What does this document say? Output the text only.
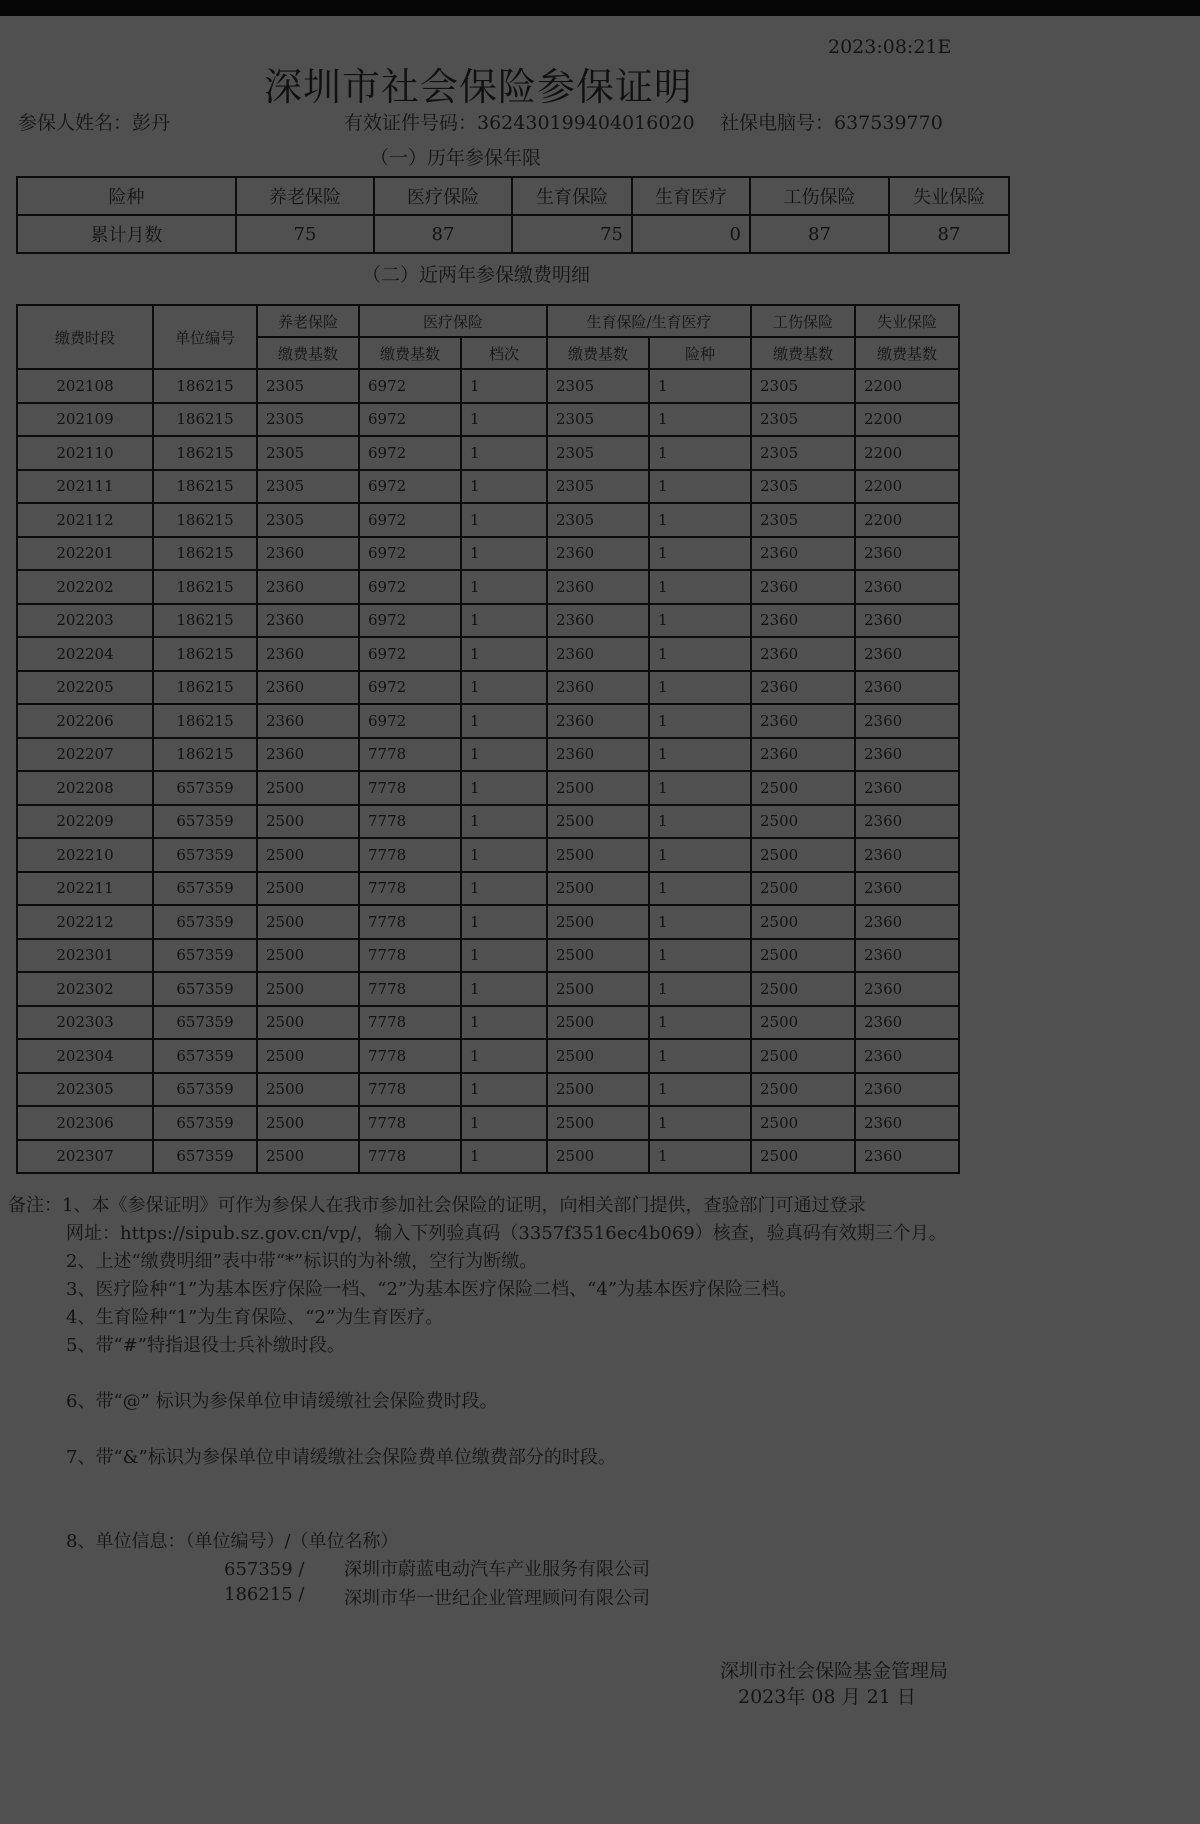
2023:08:21E
深圳市社会保险参保证明
参保人姓名：彭丹	有效证件号码：362430199404016020 社保电脑号：637539770
（一）历年参保年限
险种	养老保险	医疗保险	生育保险	生育医疗	工伤保险	失业保险
累计月数	75	87	75	0	87	87
（二）近两年参保缴费明细
缴费时段	单位编号	养老保险	医疗保险		生育保险/生育医疗		工伤保险	失业保险
		缴费基数	缴费基数	档次	缴费基数	险种	缴费基数	缴费基数
202108	186215	2305	6972	1	2305	1	2305	2200
202109	186215	2305	6972	1	2305	1	2305	2200
202110	186215	2305	6972	1	2305	1	2305	2200
202111	186215	2305	6972	1	2305	1	2305	2200
202112	186215	2305	6972	1	2305	1	2305	2200
202201	186215	2360	6972	1	2360	1	2360	2360
202202	186215	2360	6972	1	2360	1	2360	2360
202203	186215	2360	6972	1	2360	1	2360	2360
202204	186215	2360	6972	1	2360	1	2360	2360
202205	186215	2360	6972	1	2360	1	2360	2360
202206	186215	2360	6972	1	2360	1	2360	2360
202207	186215	2360	7778	1	2360	1	2360	2360
202208	657359	2500	7778	1	2500	1	2500	2360
202209	657359	2500	7778	1	2500	1	2500	2360
202210	657359	2500	7778	1	2500	1	2500	2360
202211	657359	2500	7778	1	2500	1	2500	2360
202212	657359	2500	7778	1	2500	1	2500	2360
202301	657359	2500	7778	1	2500	1	2500	2360
202302	657359	2500	7778	1	2500	1	2500	2360
202303	657359	2500	7778	1	2500	1	2500	2360
202304	657359	2500	7778	1	2500	1	2500	2360
202305	657359	2500	7778	1	2500	1	2500	2360
202306	657359	2500	7778	1	2500	1	2500	2360
202307	657359	2500	7778	1	2500	1	2500	2360
备注：1、本《参保证明》可作为参保人在我市参加社会保险的证明，向相关部门提供，查验部门可通过登录
网址：https://sipub.sz.gov.cn/vp/，输入下列验真码（3357f3516ec4b069）核查，验真码有效期三个月。
2、上述“缴费明细”表中带“*”标识的为补缴，空行为断缴。
3、医疗险种“1”为基本医疗保险一档、“2”为基本医疗保险二档、“4”为基本医疗保险三档。
4、生育险种“1”为生育保险、“2”为生育医疗。
5、带“#”特指退役士兵补缴时段。
6、带“@” 标识为参保单位申请缓缴社会保险费时段。
7、带“&”标识为参保单位申请缓缴社会保险费单位缴费部分的时段。
8、单位信息：（单位编号）/（单位名称）
657359 / 深圳市蔚蓝电动汽车产业服务有限公司
186215 / 深圳市华一世纪企业管理顾问有限公司
深圳市社会保险基金管理局
2023年 08 月 21 日
